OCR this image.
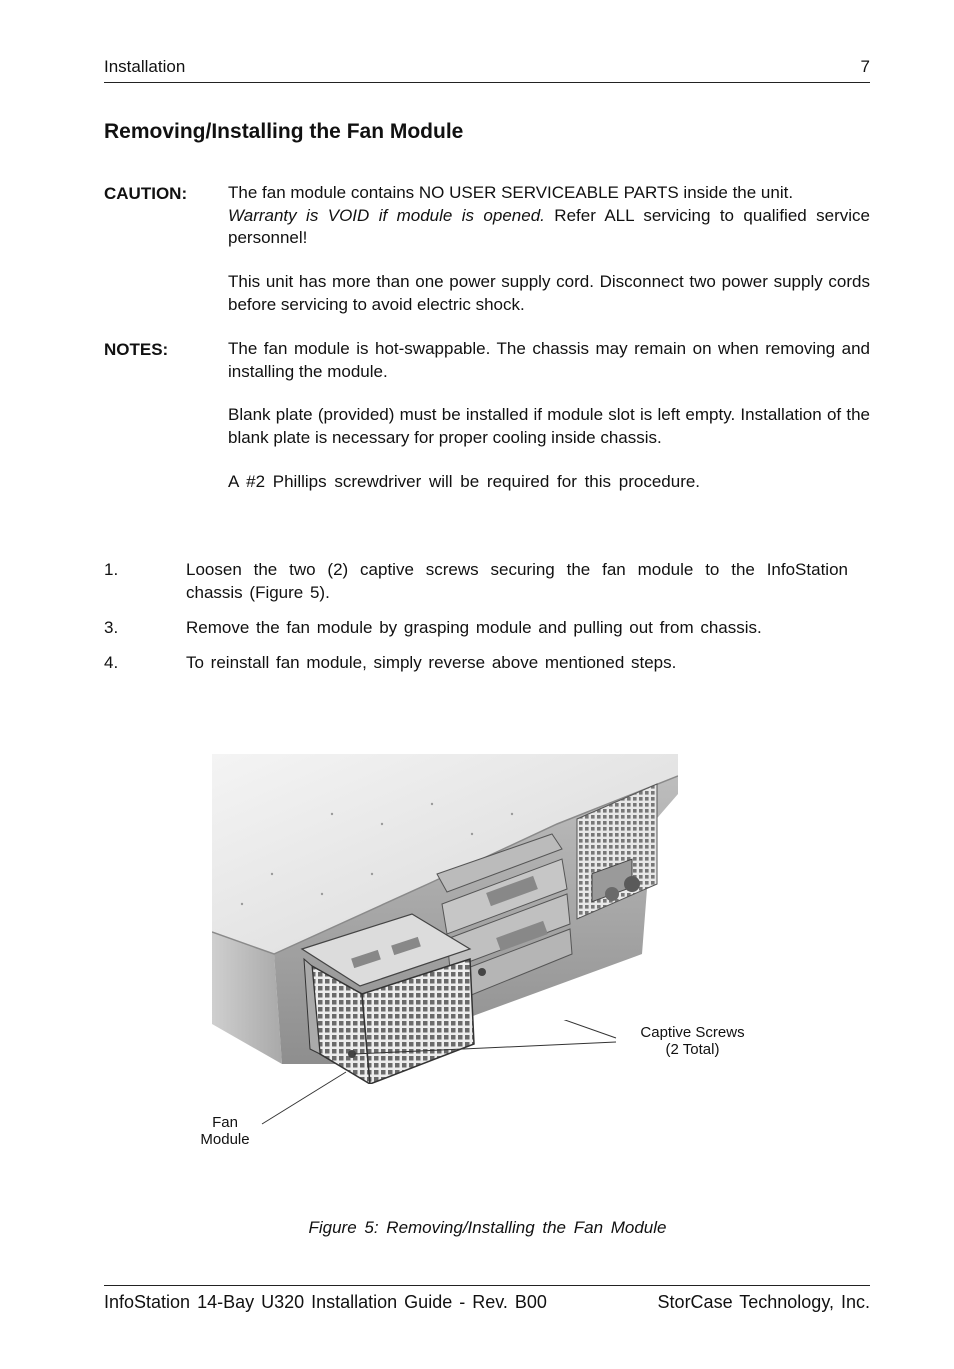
Installation	7
Removing/Installing the Fan Module
CAUTION: The fan module contains NO USER SERVICEABLE PARTS inside the unit.
Warranty is VOID if module is opened. Refer ALL servicing to qualified service personnel!
This unit has more than one power supply cord. Disconnect two power supply cords before servicing to avoid electric shock.
NOTES:	The fan module is hot-swappable. The chassis may remain on when removing and installing the module.
Blank plate (provided) must be installed if module slot is left empty. Installation of the blank plate is necessary for proper cooling inside chassis.
A #2 Phillips screwdriver will be required for this procedure.
1.	Loosen the two (2) captive screws securing the fan module to the InfoStation chassis (Figure 5).
3.	Remove the fan module by grasping module and pulling out from chassis.
4.	To reinstall fan module, simply reverse above mentioned steps.
Captive Screws
(2 Total)
Fan
Module
Figure 5: Removing/Installing the Fan Module
InfoStation 14-Bay U320 Installation Guide - Rev. B00	StorCase Technology, Inc.
